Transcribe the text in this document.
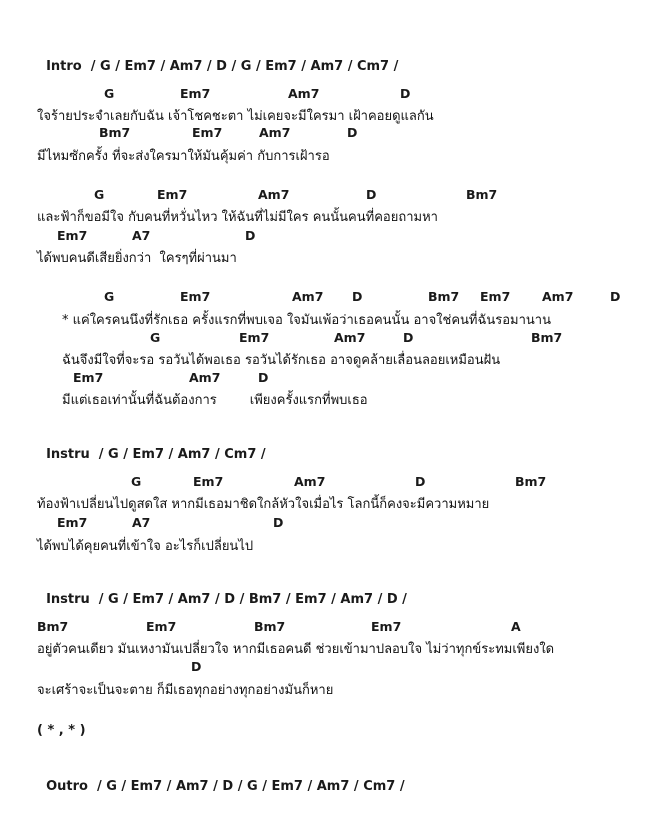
Intro / G / Em7 / Am7 / D / G / Em7 / Am7 / Cm7 /

G	Em7	Am7	D
ใจร้ายประจำเลยกับฉัน เจ้าโชคชะตา ไม่เคยจะมีใครมา เฝ้าคอยดูแลกัน
Bm7	Em7	Am7	D
มีไหมซักครั้ง ที่จะส่งใครมาให้มันคุ้มค่า กับการเฝ้ารอ
G	Em7	Am7	D	Bm7
และฟ้าก็ขอมีใจ กับคนที่หวั่นไหว ให้ฉันที่ไม่มีใคร คนนั้นคนที่คอยถามหา
Em7	A7	D
ได้พบคนดีเสียยิ่งกว่า  ใครๆที่ผ่านมา
G	Em7	Am7 D	Bm7 Em7	Am7	D
* แค่ใครคนนึงที่รักเธอ ครั้งแรกที่พบเจอ ใจมันเพ้อว่าเธอคนนั้น อาจใช่คนที่ฉันรอมานาน
G	Em7	Am7	D	Bm7
ฉันจึงมีใจที่จะรอ รอวันได้พอเธอ รอวันได้รักเธอ อาจดูคล้ายเลื่อนลอยเหมือนฝัน
Em7	Am7	D
มีแต่เธอเท่านั้นที่ฉันต้องการ        เพียงครั้งแรกที่พบเธอ

Instru / G / Em7 / Am7 / Cm7 /

G	Em7	Am7	D	Bm7
ท้องฟ้าเปลี่ยนไปดูสดใส หากมีเธอมาชิดใกล้หัวใจเมื่อไร โลกนี้ก็คงจะมีความหมาย
Em7	A7	D
ได้พบได้คุยคนที่เข้าใจ อะไรก็เปลี่ยนไป

Instru / G / Em7 / Am7 / D / Bm7 / Em7 / Am7 / D /

Bm7	Em7	Bm7	Em7	A
อยู่ตัวคนเดียว มันเหงามันเปลี่ยวใจ หากมีเธอคนดี ช่วยเข้ามาปลอบใจ ไม่ว่าทุกข์ระทมเพียงใด
D
จะเศร้าจะเป็นจะตาย ก็มีเธอทุกอย่างทุกอย่างมันก็หาย
( * , * )

Outro / G / Em7 / Am7 / D / G / Em7 / Am7 / Cm7 /
